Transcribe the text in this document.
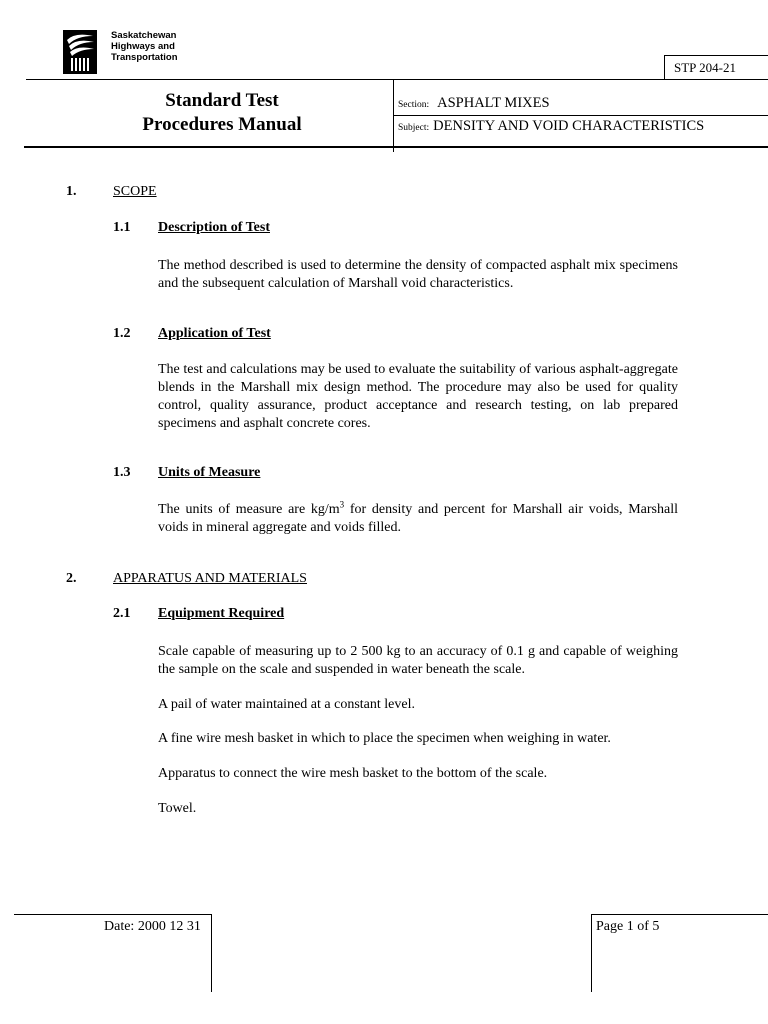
Saskatchewan
Highways and
Transportation
STP 204-21
Standard Test
Procedures Manual
Section: ASPHALT MIXES
Subject: DENSITY AND VOID CHARACTERISTICS
1.	SCOPE
1.1 Description of Test
The method described is used to determine the density of compacted asphalt mix specimens and the subsequent calculation of Marshall void characteristics.
1.2 Application of Test
The test and calculations may be used to evaluate the suitability of various asphalt-aggregate blends in the Marshall mix design method. The procedure may also be used for quality control, quality assurance, product acceptance and research testing, on lab prepared specimens and asphalt concrete cores.
1.3 Units of Measure
The units of measure are $kg/m^3$ for density and percent for Marshall air voids, Marshall voids in mineral aggregate and voids filled.
2.	APPARATUS AND MATERIALS
2.1 Equipment Required
Scale capable of measuring up to 2 500 kg to an accuracy of 0.1 g and capable of weighing the sample on the scale and suspended in water beneath the scale.
A pail of water maintained at a constant level.
A fine wire mesh basket in which to place the specimen when weighing in water.
Apparatus to connect the wire mesh basket to the bottom of the scale.
Towel.
Date: 2000 12 31	Page 1 of 5
